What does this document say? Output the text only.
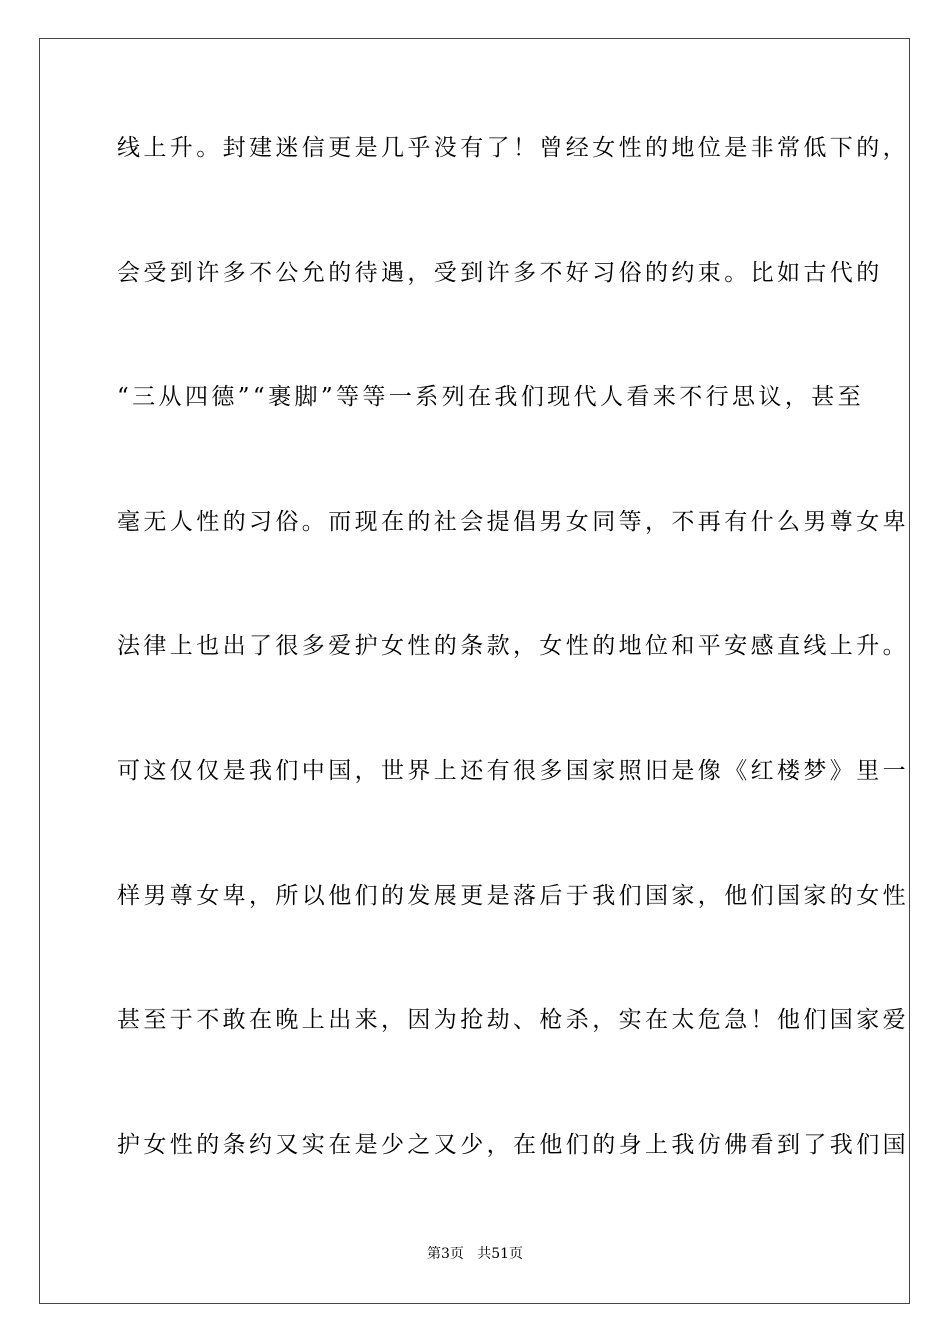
线上升。封建迷信更是几乎没有了！曾经女性的地位是非常低下的，
会受到许多不公允的待遇，受到许多不好习俗的约束。比如古代的
“三从四德”“裹脚”等等一系列在我们现代人看来不行思议，甚至
毫无人性的习俗。而现在的社会提倡男女同等，不再有什么男尊女卑
法律上也出了很多爱护女性的条款，女性的地位和平安感直线上升。
可这仅仅是我们中国，世界上还有很多国家照旧是像《红楼梦》里一
样男尊女卑，所以他们的发展更是落后于我们国家，他们国家的女性
甚至于不敢在晚上出来，因为抢劫、枪杀，实在太危急！他们国家爱
护女性的条约又实在是少之又少，在他们的身上我仿佛看到了我们国
第3页   共51页
